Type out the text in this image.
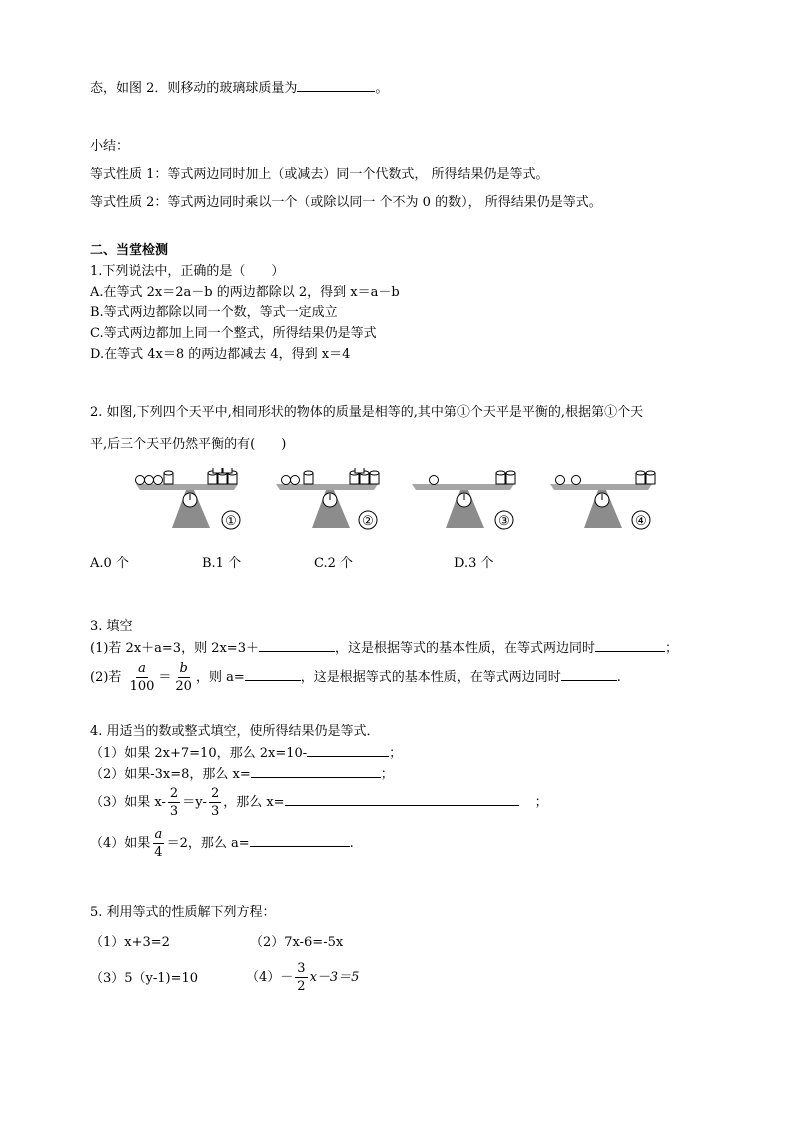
态，如图 2．则移动的玻璃球质量为	。
小结：
等式性质 1：等式两边同时加上（或减去）同一个代数式， 所得结果仍是等式。
等式性质 2：等式两边同时乘以一个（或除以同一 个不为 0 的数）， 所得结果仍是等式。
二、当堂检测
1.下列说法中，正确的是（　　）
A.在等式 2x＝2a－b 的两边都除以 2，得到 x＝a－b
B.等式两边都除以同一个数，等式一定成立
C.等式两边都加上同一个整式，所得结果仍是等式
D.在等式 4x＝8 的两边都减去 4，得到 x＝4
2. 如图,下列四个天平中,相同形状的物体的质量是相等的,其中第①个天平是平衡的,根据第①个天
平,后三个天平仍然平衡的有(　　)
①	②	③	④
A.0 个	B.1 个	C.2 个	D.3 个
3. 填空
(1)若 2x＋a=3，则 2x=3＋	，这是根据等式的基本性质，在等式两边同时	；
(2)若 $\frac{a}{100} = \frac{b}{20}$ ，则 a=	，这是根据等式的基本性质，在等式两边同时	.
4. 用适当的数或整式填空，使所得结果仍是等式．
（1）如果 2x+7=10，那么 2x=10-	；
（2）如果-3x=8，那么 x=	；
（3）如果 $x- \frac{2}{3} =y- \frac{2}{3}$ ，那么 x=	；
（4）如果 $\frac{a}{4} =2$，那么 a=	.
5. 利用等式的性质解下列方程：
（1）x+3=2	（2）7x-6=-5x
（3）5（y-1)=10	$(4)- \frac{3}{2} x-3=5$
